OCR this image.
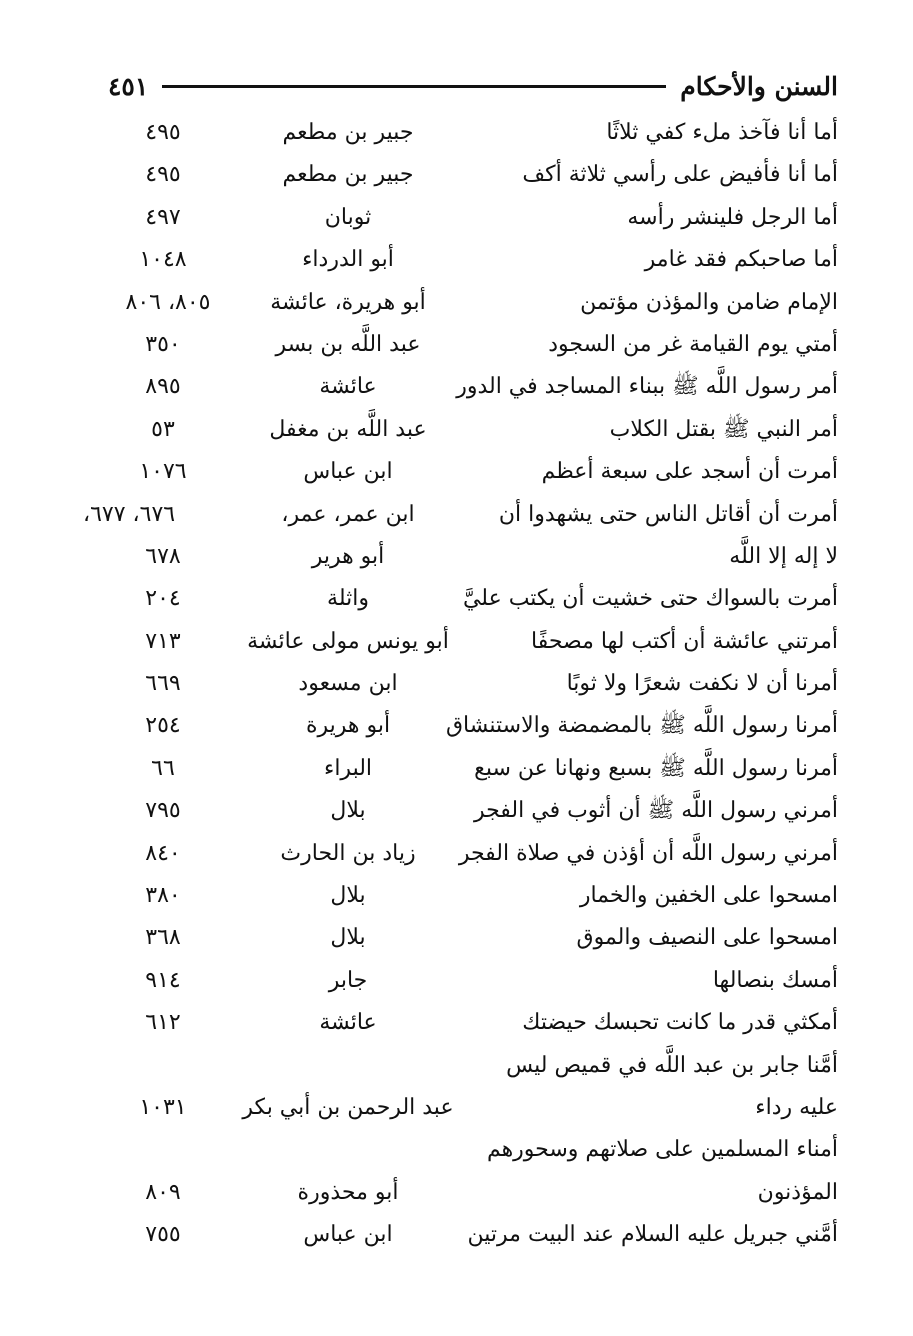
السنن والأحكام
٤٥١
أما أنا فآخذ ملء كفي ثلاثًا
جبير بن مطعم
٤٩٥
أما أنا فأفيض على رأسي ثلاثة أكف
جبير بن مطعم
٤٩٥
أما الرجل فلينشر رأسه
ثوبان
٤٩٧
أما صاحبكم فقد غامر
أبو الدرداء
١٠٤٨
الإمام ضامن والمؤذن مؤتمن
أبو هريرة، عائشة
٨٠٥، ٨٠٦
أمتي يوم القيامة غر من السجود
عبد اللَّه بن بسر
٣٥٠
أمر رسول اللَّه ﷺ ببناء المساجد في الدور
عائشة
٨٩٥
أمر النبي ﷺ بقتل الكلاب
عبد اللَّه بن مغفل
٥٣
أمرت أن أسجد على سبعة أعظم
ابن عباس
١٠٧٦
أمرت أن أقاتل الناس حتى يشهدوا أن
ابن عمر، عمر،
٦٧٦، ٦٧٧،
لا إله إلا اللَّه
أبو هرير
٦٧٨
أمرت بالسواك حتى خشيت أن يكتب عليَّ
واثلة
٢٠٤
أمرتني عائشة أن أكتب لها مصحفًا
أبو يونس مولى عائشة
٧١٣
أمرنا أن لا نكفت شعرًا ولا ثوبًا
ابن مسعود
٦٦٩
أمرنا رسول اللَّه ﷺ بالمضمضة والاستنشاق
أبو هريرة
٢٥٤
أمرنا رسول اللَّه ﷺ بسبع ونهانا عن سبع
البراء
٦٦
أمرني رسول اللَّه ﷺ أن أثوب في الفجر
بلال
٧٩٥
أمرني رسول اللَّه أن أؤذن في صلاة الفجر
زياد بن الحارث
٨٤٠
امسحوا على الخفين والخمار
بلال
٣٨٠
امسحوا على النصيف والموق
بلال
٣٦٨
أمسك بنصالها
جابر
٩١٤
أمكثي قدر ما كانت تحبسك حيضتك
عائشة
٦١٢
أمَّنا جابر بن عبد اللَّه في قميص ليس
عليه رداء
عبد الرحمن بن أبي بكر
١٠٣١
أمناء المسلمين على صلاتهم وسحورهم
المؤذنون
أبو محذورة
٨٠٩
أمَّني جبريل عليه السلام عند البيت مرتين
ابن عباس
٧٥٥
